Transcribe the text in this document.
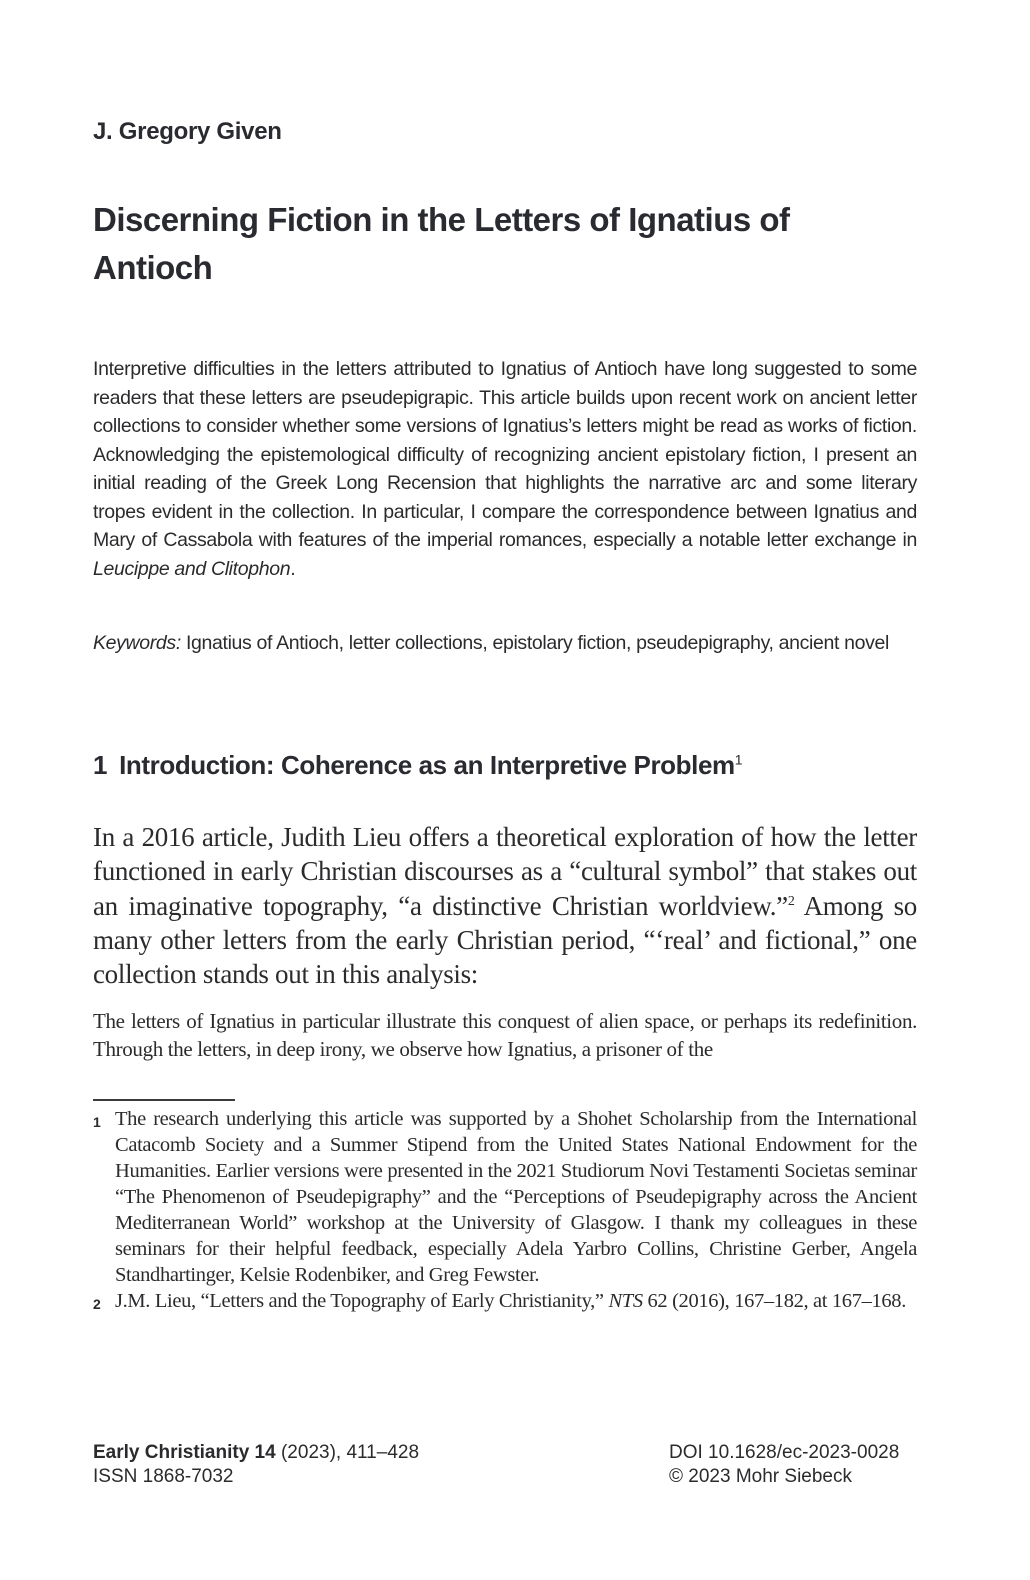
J. Gregory Given
Discerning Fiction in the Letters of Ignatius of Antioch

Interpretive difficulties in the letters attributed to Ignatius of Antioch have long suggested to some readers that these letters are pseudepigrapic. This article builds upon recent work on ancient letter collections to consider whether some versions of Ignatius’s letters might be read as works of fiction. Acknowledging the epistemological difficulty of recognizing ancient epistolary fiction, I present an initial reading of the Greek Long Recension that highlights the narrative arc and some literary tropes evident in the collection. In particular, I compare the correspondence between Ignatius and Mary of Cassabola with features of the imperial romances, especially a notable letter exchange in Leucippe and Clitophon.

Keywords: Ignatius of Antioch, letter collections, epistolary fiction, pseudepigraphy, ancient novel
1 Introduction: Coherence as an Interpretive Problem$^1$
In a 2016 article, Judith Lieu offers a theoretical exploration of how the letter functioned in early Christian discourses as a “cultural symbol” that stakes out an imaginative topography, “a distinctive Christian worldview.”$^2$ Among so many other letters from the early Christian period, “‘real’ and fictional,” one collection stands out in this analysis:
The letters of Ignatius in particular illustrate this conquest of alien space, or perhaps its redefinition. Through the letters, in deep irony, we observe how Ignatius, a prisoner of the
1 The research underlying this article was supported by a Shohet Scholarship from the International Catacomb Society and a Summer Stipend from the United States National Endowment for the Humanities. Earlier versions were presented in the 2021 Studiorum Novi Testamenti Societas seminar “The Phenomenon of Pseudepigraphy” and the “Perceptions of Pseudepigraphy across the Ancient Mediterranean World” workshop at the University of Glasgow. I thank my colleagues in these seminars for their helpful feedback, especially Adela Yarbro Collins, Christine Gerber, Angela Standhartinger, Kelsie Rodenbiker, and Greg Fewster.
2 J.M. Lieu, “Letters and the Topography of Early Christianity,” NTS 62 (2016), 167–182, at 167–168.
Early Christianity 14 (2023), 411–428
ISSN 1868-7032
DOI 10.1628/ec-2023-0028
© 2023 Mohr Siebeck
